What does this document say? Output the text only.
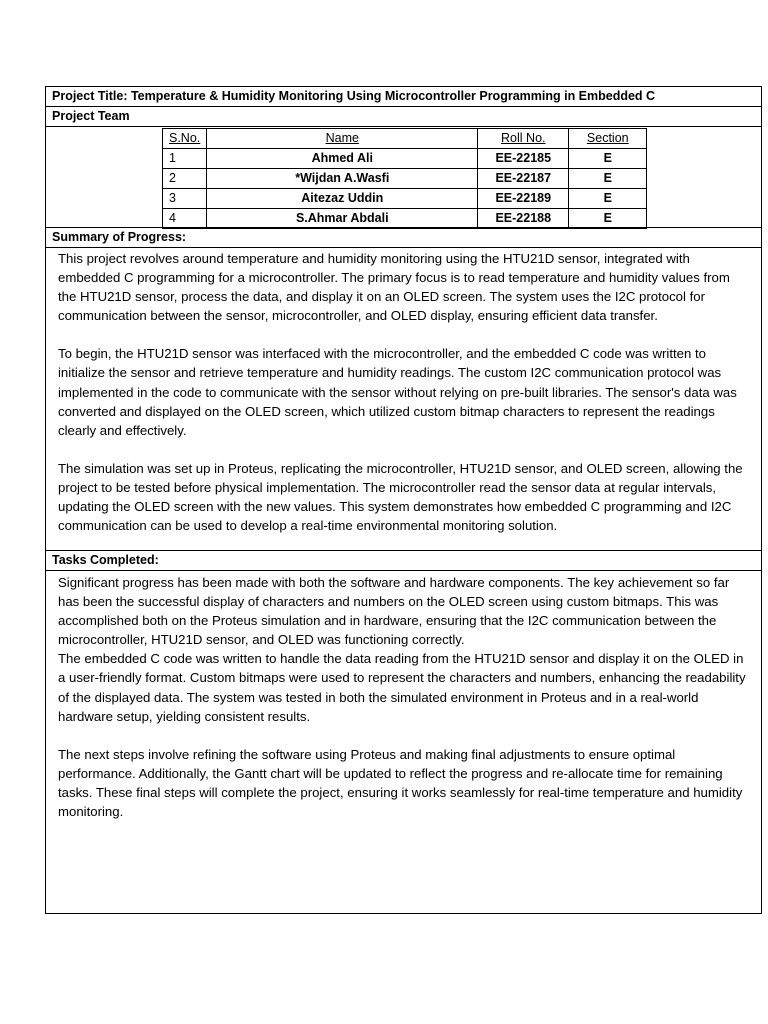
Project Title: Temperature & Humidity Monitoring Using Microcontroller Programming in Embedded C
Project Team
S.No.	Name	Roll No.	Section
1	Ahmed Ali	EE-22185	E
2	*Wijdan A.Wasfi	EE-22187	E
3	Aitezaz Uddin	EE-22189	E
4	S.Ahmar Abdali	EE-22188	E
Summary of Progress:

This project revolves around temperature and humidity monitoring using the HTU21D sensor, integrated with embedded C programming for a microcontroller. The primary focus is to read temperature and humidity values from the HTU21D sensor, process the data, and display it on an OLED screen. The system uses the I2C protocol for communication between the sensor, microcontroller, and OLED display, ensuring efficient data transfer.

To begin, the HTU21D sensor was interfaced with the microcontroller, and the embedded C code was written to initialize the sensor and retrieve temperature and humidity readings. The custom I2C communication protocol was implemented in the code to communicate with the sensor without relying on pre-built libraries. The sensor's data was converted and displayed on the OLED screen, which utilized custom bitmap characters to represent the readings clearly and effectively.

The simulation was set up in Proteus, replicating the microcontroller, HTU21D sensor, and OLED screen, allowing the project to be tested before physical implementation. The microcontroller read the sensor data at regular intervals, updating the OLED screen with the new values. This system demonstrates how embedded C programming and I2C communication can be used to develop a real-time environmental monitoring solution.

Tasks Completed:

Significant progress has been made with both the software and hardware components. The key achievement so far has been the successful display of characters and numbers on the OLED screen using custom bitmaps. This was accomplished both on the Proteus simulation and in hardware, ensuring that the I2C communication between the microcontroller, HTU21D sensor, and OLED was functioning correctly.

The embedded C code was written to handle the data reading from the HTU21D sensor and display it on the OLED in a user-friendly format. Custom bitmaps were used to represent the characters and numbers, enhancing the readability of the displayed data. The system was tested in both the simulated environment in Proteus and in a real-world hardware setup, yielding consistent results.

The next steps involve refining the software using Proteus and making final adjustments to ensure optimal performance. Additionally, the Gantt chart will be updated to reflect the progress and re-allocate time for remaining tasks. These final steps will complete the project, ensuring it works seamlessly for real-time temperature and humidity monitoring.
